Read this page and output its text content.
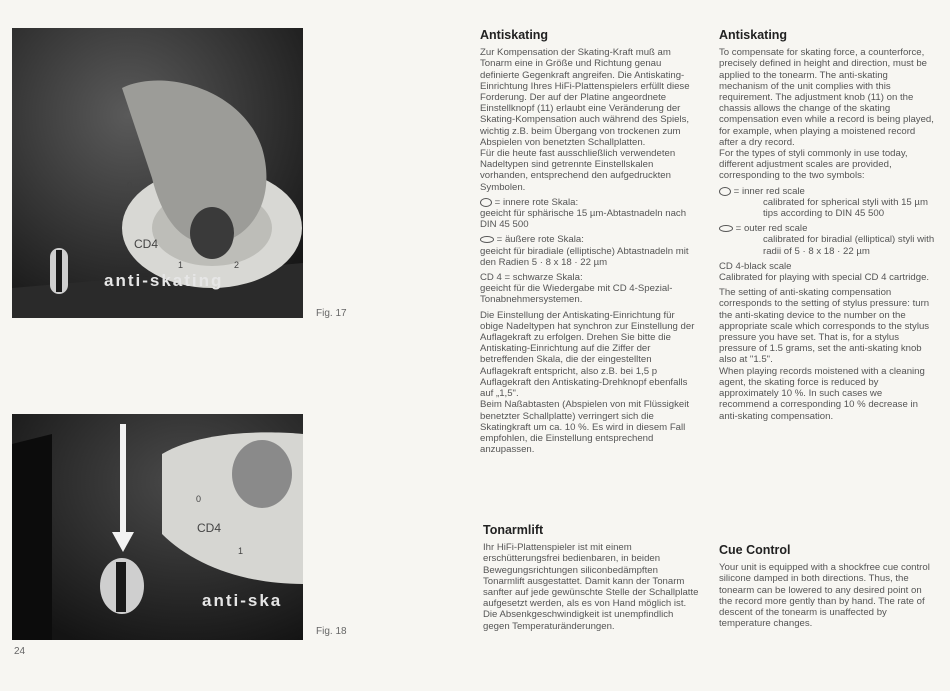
CD4
0
1	2
anti-skating
Fig. 17
CD4
0
1
anti-ska
Fig. 18
24
Antiskating

Zur Kompensation der Skating-Kraft muß am Tonarm eine in Größe und Richtung genau definierte Gegenkraft angreifen. Die Antiskating-Einrichtung Ihres HiFi-Plattenspielers erfüllt diese Forderung. Der auf der Platine angeordnete Einstellknopf (11) erlaubt eine Veränderung der Skating-Kompensation auch während des Spiels, wichtig z.B. beim Übergang von trockenen zum Abspielen von benetzten Schallplatten.

Für die heute fast ausschließlich verwendeten Nadeltypen sind getrennte Einstellskalen vorhanden, entsprechend den aufgedruckten Symbolen.

= innere rote Skala:

geeicht für sphärische 15 µm-Abtastnadeln nach DIN 45 500

= äußere rote Skala:

geeicht für biradiale (elliptische) Abtastnadeln mit den Radien 5 · 8 x 18 · 22 µm

CD 4 = schwarze Skala:

geeicht für die Wiedergabe mit CD 4-Spezial-Tonabnehmersystemen.

Die Einstellung der Antiskating-Einrichtung für obige Nadeltypen hat synchron zur Einstellung der Auflagekraft zu erfolgen. Drehen Sie bitte die Antiskating-Einrichtung auf die Ziffer der betreffenden Skala, die der eingestellten Auflagekraft entspricht, also z.B. bei 1,5 p Auflagekraft den Antiskating-Drehknopf ebenfalls auf „1,5".

Beim Naßabtasten (Abspielen von mit Flüssigkeit benetzter Schallplatte) verringert sich die Skatingkraft um ca. 10 %. Es wird in diesem Fall empfohlen, die Einstellung entsprechend anzupassen.

Antiskating

To compensate for skating force, a counterforce, precisely defined in height and direction, must be applied to the tonearm. The anti-skating mechanism of the unit complies with this requirement. The adjustment knob (11) on the chassis allows the change of the skating compensation even while a record is being played, for example, when playing a moistened record after a dry record.

For the types of styli commonly in use today, different adjustment scales are provided, corresponding to the two symbols:

= inner red scale

calibrated for spherical styli with 15 µm tips according to DIN 45 500

= outer red scale

calibrated for biradial (elliptical) styli with radii of 5 · 8 x 18 · 22 µm

CD 4-black scale

Calibrated for playing with special CD 4 cartridge.

The setting of anti-skating compensation corresponds to the setting of stylus pressure: turn the anti-skating device to the number on the appropriate scale which corresponds to the stylus pressure you have set. That is, for a stylus pressure of 1.5 grams, set the anti-skating knob also at "1.5".

When playing records moistened with a cleaning agent, the skating force is reduced by approximately 10 %. In such cases we recommend a corresponding 10 % decrease in anti-skating compensation.

Tonarmlift

Ihr HiFi-Plattenspieler ist mit einem erschütterungsfrei bedienbaren, in beiden Bewegungsrichtungen siliconbedämpften Tonarmlift ausgestattet. Damit kann der Tonarm sanfter auf jede gewünschte Stelle der Schallplatte aufgesetzt werden, als es von Hand möglich ist. Die Absenkgeschwindigkeit ist unempfindlich gegen Temperaturänderungen.

Cue Control

Your unit is equipped with a shockfree cue control silicone damped in both directions. Thus, the tonearm can be lowered to any desired point on the record more gently than by hand. The rate of descent of the tonearm is unaffected by temperature changes.
